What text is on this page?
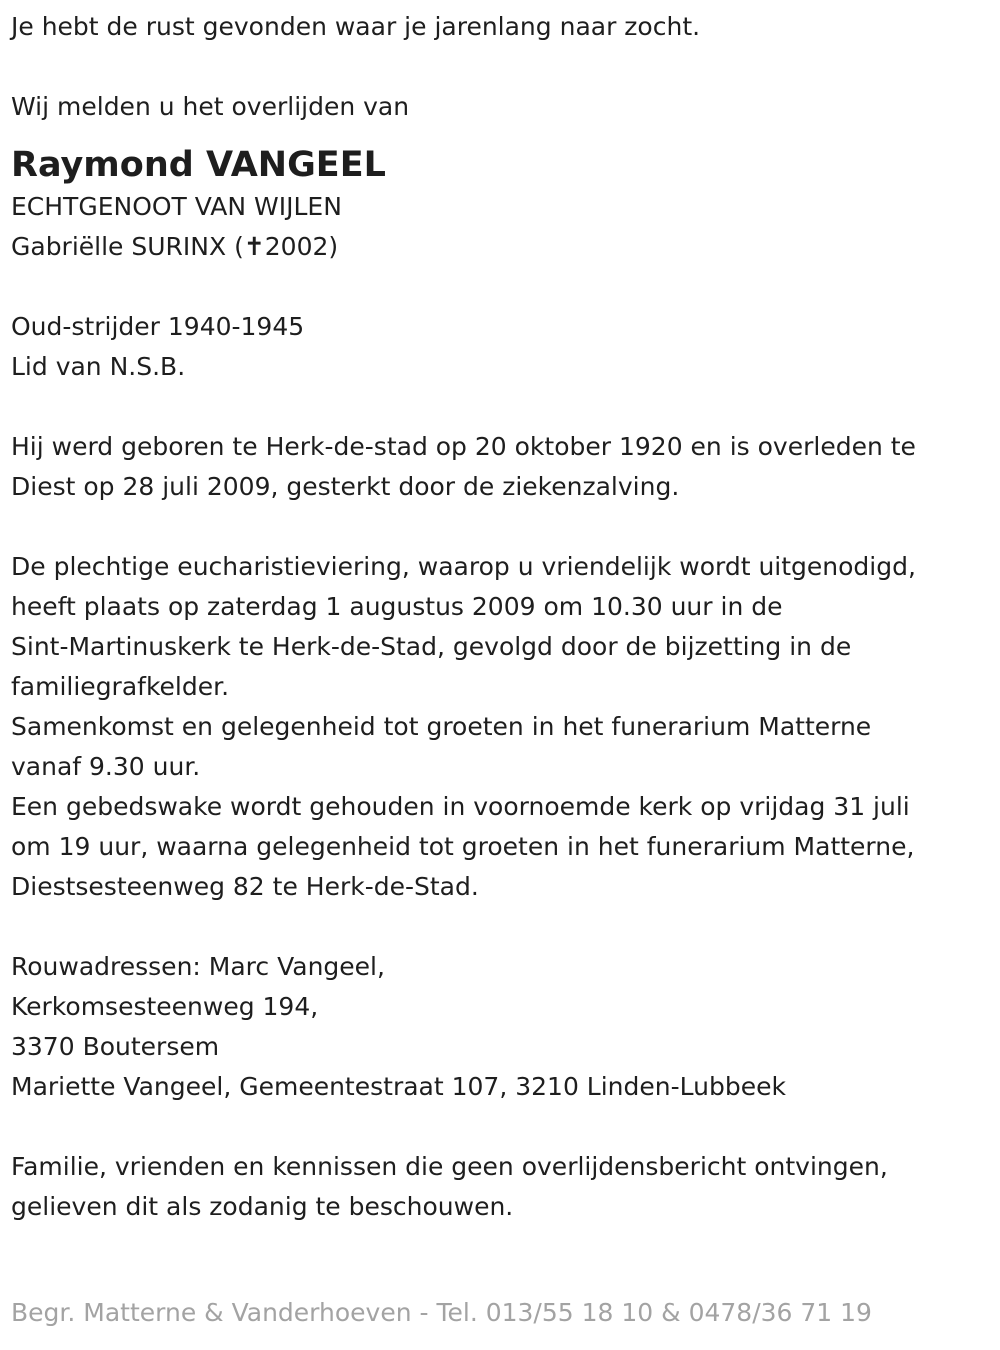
Je hebt de rust gevonden waar je jarenlang naar zocht.

Wij melden u het overlijden van

Raymond VANGEEL

ECHTGENOOT VAN WIJLEN

Gabriëlle SURINX (✝2002)

Oud-strijder 1940-1945

Lid van N.S.B.

Hij werd geboren te Herk-de-stad op 20 oktober 1920 en is overleden te

Diest op 28 juli 2009, gesterkt door de ziekenzalving.

De plechtige eucharistieviering, waarop u vriendelijk wordt uitgenodigd,

heeft plaats op zaterdag 1 augustus 2009 om 10.30 uur in de

Sint-Martinuskerk te Herk-de-Stad, gevolgd door de bijzetting in de

familiegrafkelder.

Samenkomst en gelegenheid tot groeten in het funerarium Matterne

vanaf 9.30 uur.

Een gebedswake wordt gehouden in voornoemde kerk op vrijdag 31 juli

om 19 uur, waarna gelegenheid tot groeten in het funerarium Matterne,

Diestsesteenweg 82 te Herk-de-Stad.

Rouwadressen: Marc Vangeel,

Kerkomsesteenweg 194,

3370 Boutersem

Mariette Vangeel, Gemeentestraat 107, 3210 Linden-Lubbeek

Familie, vrienden en kennissen die geen overlijdensbericht ontvingen,

gelieven dit als zodanig te beschouwen.

Begr. Matterne & Vanderhoeven - Tel. 013/55 18 10 & 0478/36 71 19
